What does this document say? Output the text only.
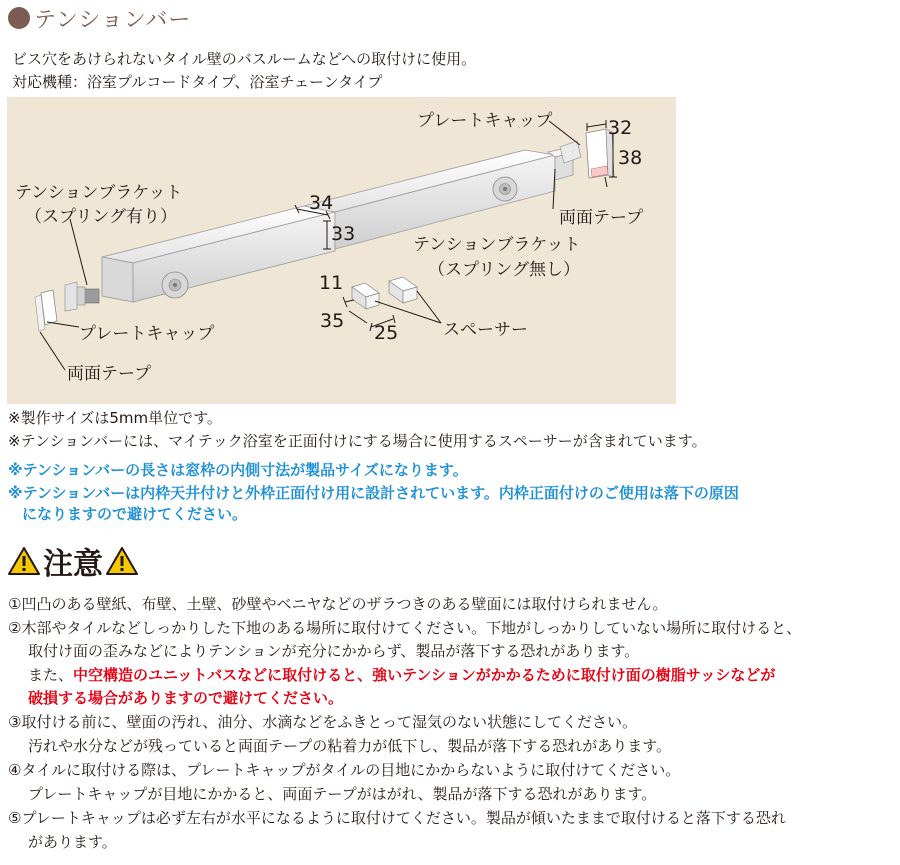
テンションバー
ビス穴をあけられないタイル壁のバスルームなどへの取付けに使用。
対応機種：浴室プルコードタイプ、浴室チェーンタイプ
プレートキャップ	32
38
両面テープ
テンションブラケット
（スプリング有り）
34
33	テンションブラケット
（スプリング無し）
11
35
25	スペーサー
プレートキャップ
両面テープ
※製作サイズは5mm単位です。
※テンションバーには、マイテック浴室を正面付けにする場合に使用するスペーサーが含まれています。
※テンションバーの長さは窓枠の内側寸法が製品サイズになります。
※テンションバーは内枠天井付けと外枠正面付け用に設計されています。内枠正面付けのご使用は落下の原因
になりますので避けてください。
注意
①凹凸のある壁紙、布壁、土壁、砂壁やベニヤなどのザラつきのある壁面には取付けられません。
②木部やタイルなどしっかりした下地のある場所に取付けてください。下地がしっかりしていない場所に取付けると、
取付け面の歪みなどによりテンションが充分にかからず、製品が落下する恐れがあります。
また、中空構造のユニットバスなどに取付けると、強いテンションがかかるために取付け面の樹脂サッシなどが
破損する場合がありますので避けてください。
③取付ける前に、壁面の汚れ、油分、水滴などをふきとって湿気のない状態にしてください。
汚れや水分などが残っていると両面テープの粘着力が低下し、製品が落下する恐れがあります。
④タイルに取付ける際は、プレートキャップがタイルの目地にかからないように取付けてください。
プレートキャップが目地にかかると、両面テープがはがれ、製品が落下する恐れがあります。
⑤プレートキャップは必ず左右が水平になるように取付けてください。製品が傾いたままで取付けると落下する恐れ
があります。
